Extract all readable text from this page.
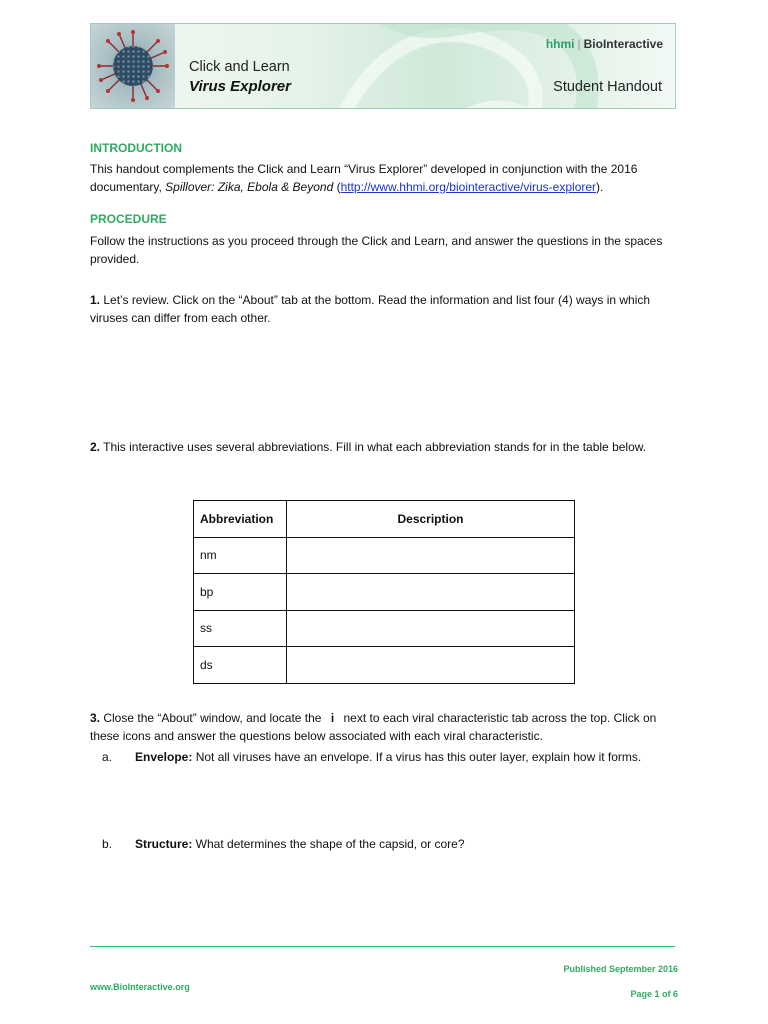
Click and Learn
Virus Explorer
hhmi | BioInteractive
Student Handout
INTRODUCTION
This handout complements the Click and Learn “Virus Explorer” developed in conjunction with the 2016 documentary, Spillover: Zika, Ebola & Beyond (http://www.hhmi.org/biointeractive/virus-explorer).
PROCEDURE
Follow the instructions as you proceed through the Click and Learn, and answer the questions in the spaces provided.
1. Let’s review. Click on the “About” tab at the bottom. Read the information and list four (4) ways in which viruses can differ from each other.
2. This interactive uses several abbreviations. Fill in what each abbreviation stands for in the table below.
Abbreviation	Description
nm	
bp	
ss	
ds	
3. Close the “About” window, and locate the i next to each viral characteristic tab across the top. Click on these icons and answer the questions below associated with each viral characteristic.
a. Envelope: Not all viruses have an envelope. If a virus has this outer layer, explain how it forms.
b. Structure: What determines the shape of the capsid, or core?
Published September 2016
www.BioInteractive.org
Page 1 of 6
